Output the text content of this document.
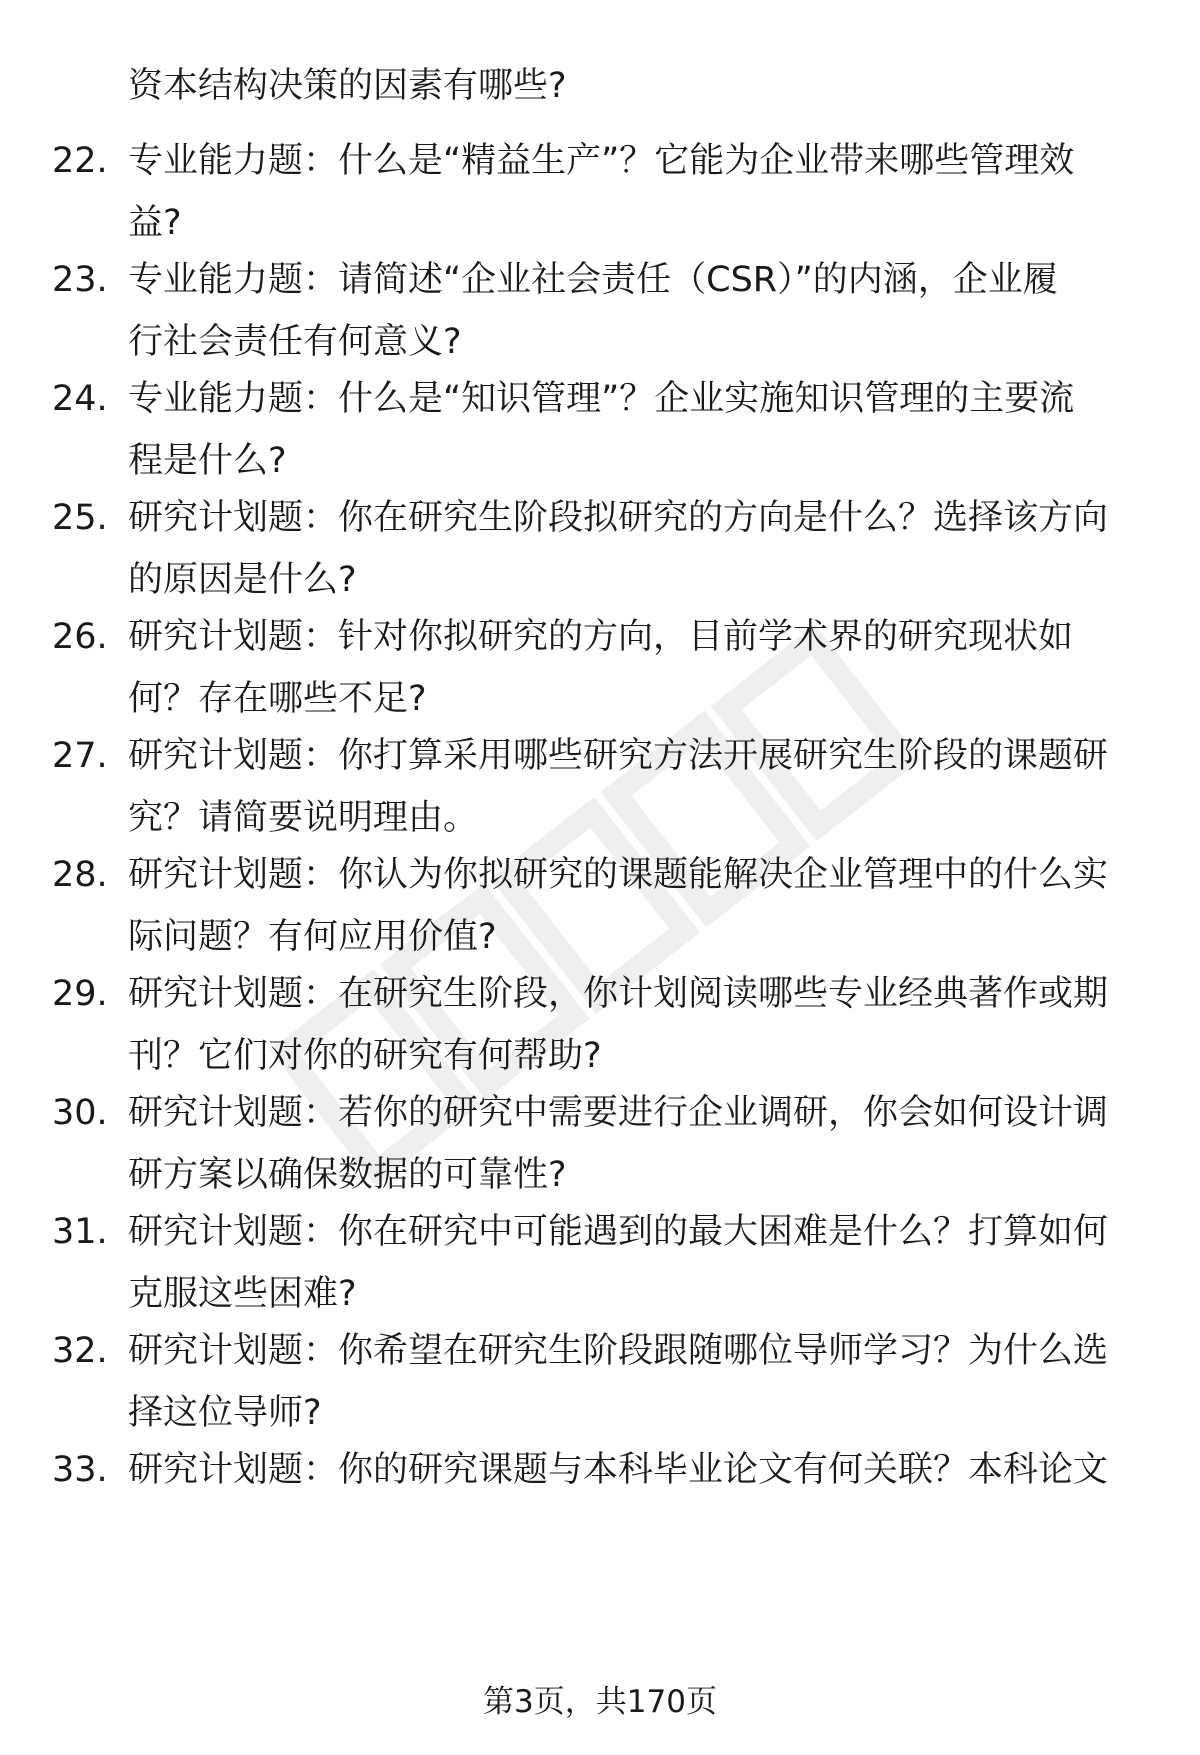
资本结构决策的因素有哪些?
22. 专业能力题：什么是“精益生产”？它能为企业带来哪些管理效
益?
23. 专业能力题：请简述“企业社会责任（CSR）”的内涵，企业履
行社会责任有何意义?
24. 专业能力题：什么是“知识管理”？企业实施知识管理的主要流
程是什么?
25. 研究计划题：你在研究生阶段拟研究的方向是什么？选择该方向
的原因是什么?
26. 研究计划题：针对你拟研究的方向，目前学术界的研究现状如
何？存在哪些不足?
27. 研究计划题：你打算采用哪些研究方法开展研究生阶段的课题研
究？请简要说明理由。
28. 研究计划题：你认为你拟研究的课题能解决企业管理中的什么实
际问题？有何应用价值?
29. 研究计划题：在研究生阶段，你计划阅读哪些专业经典著作或期
刊？它们对你的研究有何帮助?
30. 研究计划题：若你的研究中需要进行企业调研，你会如何设计调
研方案以确保数据的可靠性?
31. 研究计划题：你在研究中可能遇到的最大困难是什么？打算如何
克服这些困难?
32. 研究计划题：你希望在研究生阶段跟随哪位导师学习？为什么选
择这位导师?
33. 研究计划题：你的研究课题与本科毕业论文有何关联？本科论文
第3页，共170页
